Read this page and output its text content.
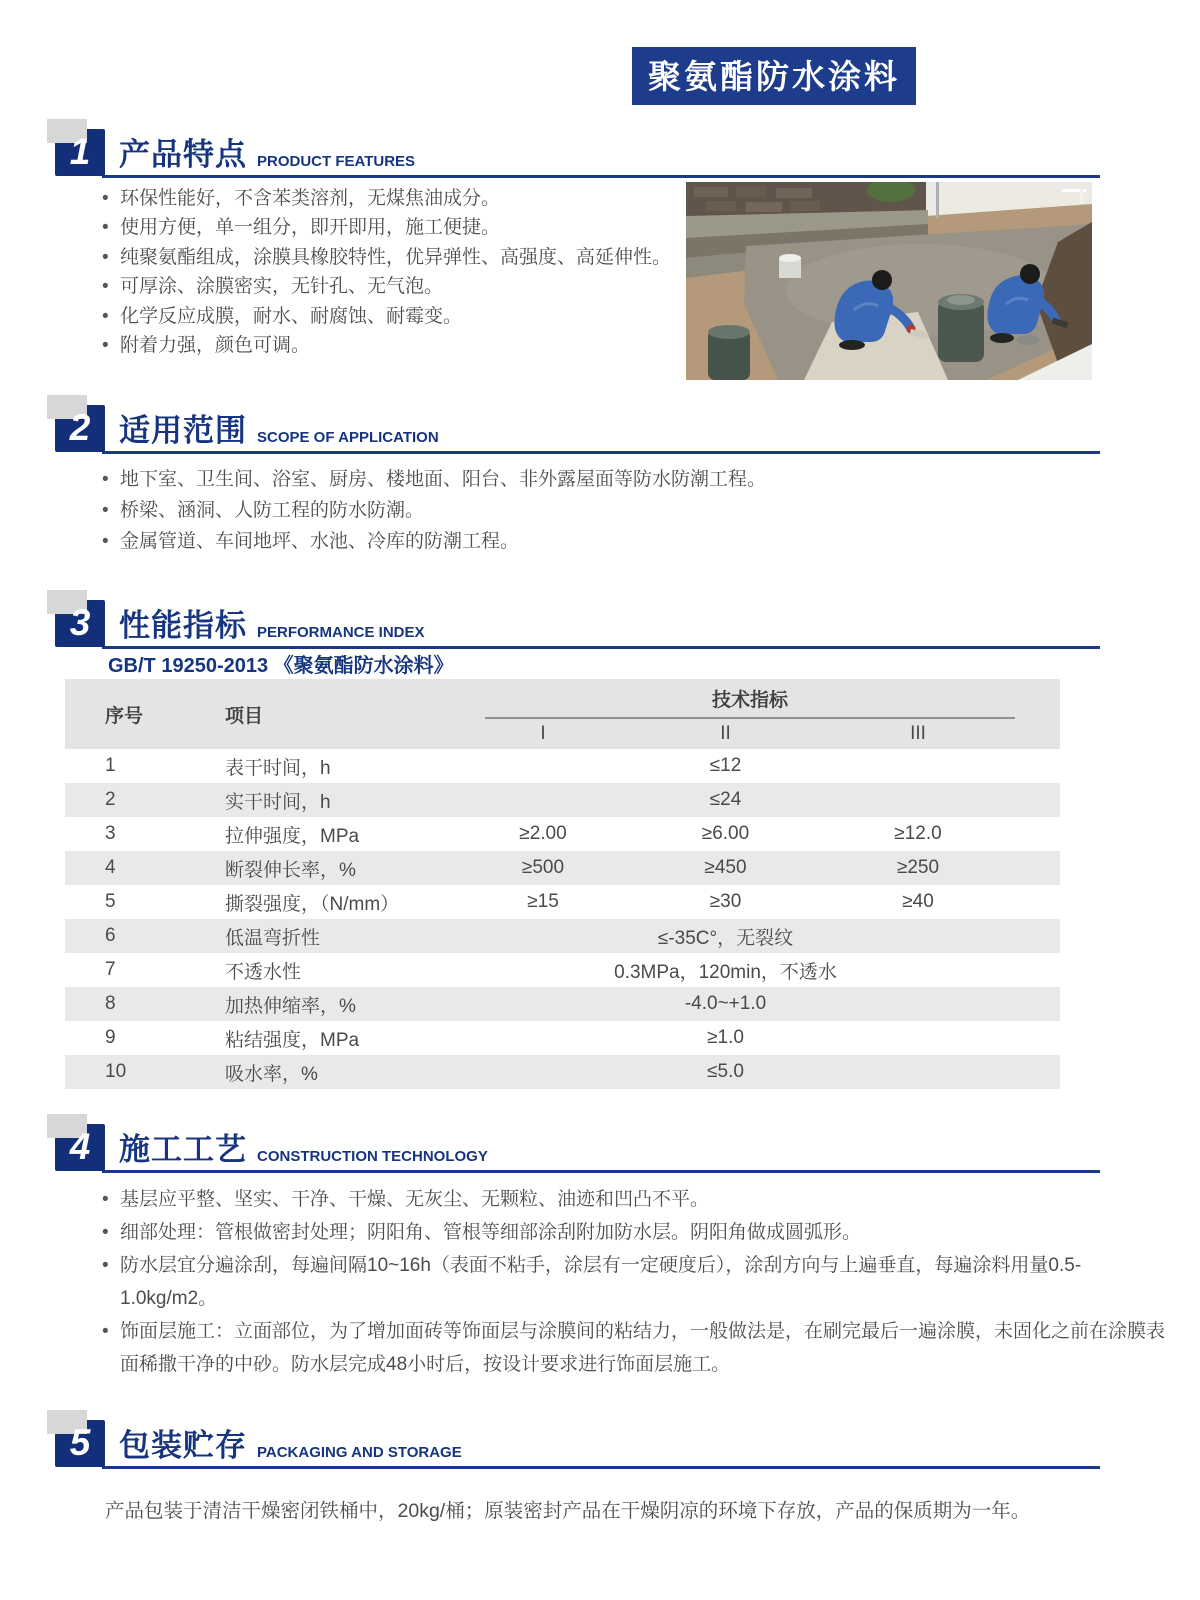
聚氨酯防水涂料
1 产品特点 PRODUCT FEATURES
• 环保性能好，不含苯类溶剂，无煤焦油成分。
• 使用方便，单一组分，即开即用，施工便捷。
• 纯聚氨酯组成，涂膜具橡胶特性，优异弹性、高强度、高延伸性。
• 可厚涂、涂膜密实，无针孔、无气泡。
• 化学反应成膜，耐水、耐腐蚀、耐霉变。
• 附着力强，颜色可调。
2 适用范围 SCOPE OF APPLICATION
• 地下室、卫生间、浴室、厨房、楼地面、阳台、非外露屋面等防水防潮工程。
• 桥梁、涵洞、人防工程的防水防潮。
• 金属管道、车间地坪、水池、冷库的防潮工程。
3 性能指标 PERFORMANCE INDEX
GB/T 19250-2013 《聚氨酯防水涂料》
序号	项目	技术指标		

		I	II	III
1	表干时间，h	≤12		
2	实干时间，h	≤24		
3	拉伸强度，MPa	≥2.00	≥6.00	≥12.0
4	断裂伸长率，%	≥500	≥450	≥250
5	撕裂强度，（N/mm）	≥15	≥30	≥40
6	低温弯折性	≤-35C°，无裂纹		
7	不透水性	0.3MPa，120min，不透水		
8	加热伸缩率，%	-4.0~+1.0		
9	粘结强度，MPa	≥1.0		
10	吸水率，%	≤5.0		
4 施工工艺 CONSTRUCTION TECHNOLOGY
• 基层应平整、坚实、干净、干燥、无灰尘、无颗粒、油迹和凹凸不平。
• 细部处理：管根做密封处理；阴阳角、管根等细部涂刮附加防水层。阴阳角做成圆弧形。
• 防水层宜分遍涂刮，每遍间隔10~16h（表面不粘手，涂层有一定硬度后），涂刮方向与上遍垂直，每遍涂料用量0.5-1.0kg/m2。
• 饰面层施工：立面部位，为了增加面砖等饰面层与涂膜间的粘结力，一般做法是，在刷完最后一遍涂膜，未固化之前在涂膜表面稀撒干净的中砂。防水层完成48小时后，按设计要求进行饰面层施工。
5 包装贮存 PACKAGING AND STORAGE
产品包装于清洁干燥密闭铁桶中，20kg/桶；原装密封产品在干燥阴凉的环境下存放，产品的保质期为一年。
